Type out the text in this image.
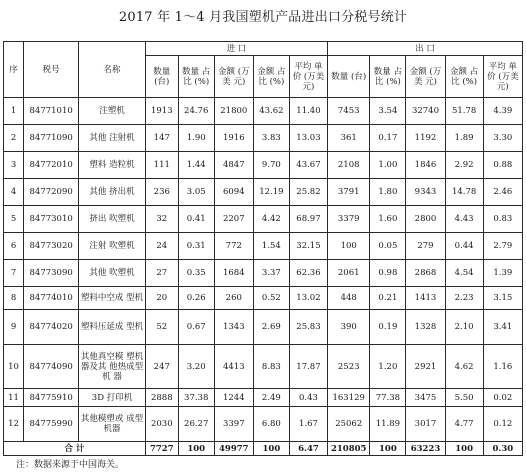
2017 年 1～4 月我国塑机产品进出口分税号统计
序	税号	名称	进 口					出 口				
			数量 (台)	数量 占比 (%)	金额 (万美 元)	金额 占比 (%)	平均 单价 (万美 元)	数量 (台)	数量 占比 (%)	金额 (万美 元)	金额 占比 (%)	平均 单价 (万美 元)
1	84771010	注塑机	1913	24.76	21800	43.62	11.40	7453	3.54	32740	51.78	4.39
2	84771090	其他 注射机	147	1.90	1916	3.83	13.03	361	0.17	1192	1.89	3.30
3	84772010	塑料 造粒机	111	1.44	4847	9.70	43.67	2108	1.00	1846	2.92	0.88
4	84772090	其他 挤出机	236	3.05	6094	12.19	25.82	3791	1.80	9343	14.78	2.46
5	84773010	挤出 吹塑机	32	0.41	2207	4.42	68.97	3379	1.60	2800	4.43	0.83
6	84773020	注射 吹塑机	24	0.31	772	1.54	32.15	100	0.05	279	0.44	2.79
7	84773090	其他 吹塑机	27	0.35	1684	3.37	62.36	2061	0.98	2868	4.54	1.39
8	84774010	塑料中空成 型机	20	0.26	260	0.52	13.02	448	0.21	1413	2.23	3.15
9	84774020	塑料压延成 型机	52	0.67	1343	2.69	25.83	390	0.19	1328	2.10	3.41
10	84774090	其他真空模 塑机器及其 他热成型机 器	247	3.20	4413	8.83	17.87	2523	1.20	2921	4.62	1.16
11	84775910	3D 打印机	2888	37.38	1244	2.49	0.43	163129	77.38	3475	5.50	0.02
12	84775990	其他模塑或 成型机器	2030	26.27	3397	6.80	1.67	25062	11.89	3017	4.77	0.12
合 计			7727	100	49977	100	6.47	210805	100	63223	100	0.30
注：数据来源于中国海关。
